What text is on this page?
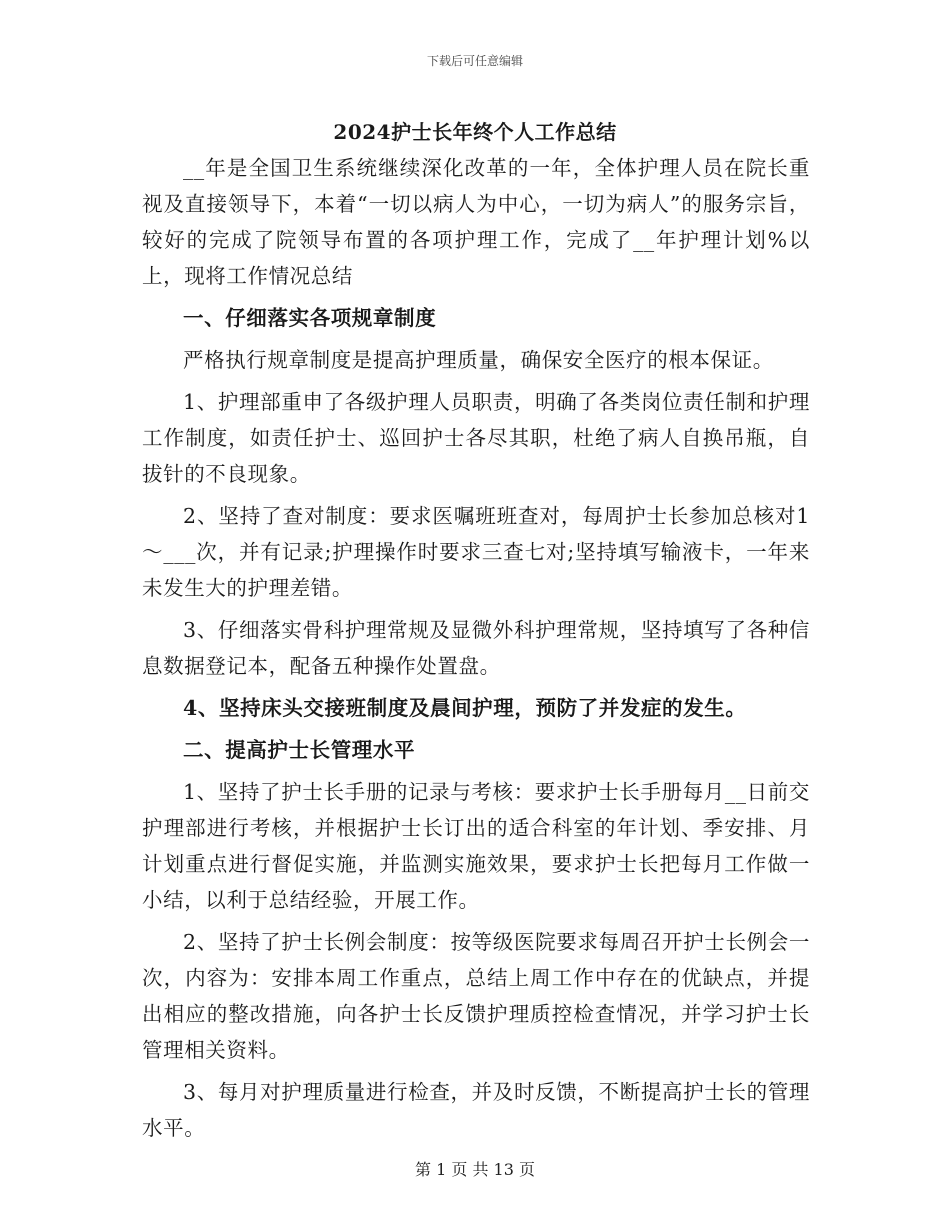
下载后可任意编辑
2024护士长年终个人工作总结

__年是全国卫生系统继续深化改革的一年，全体护理人员在院长重视及直接领导下，本着“一切以病人为中心，一切为病人”的服务宗旨，较好的完成了院领导布置的各项护理工作，完成了__年护理计划%以上，现将工作情况总结

一、仔细落实各项规章制度

严格执行规章制度是提高护理质量，确保安全医疗的根本保证。

1、护理部重申了各级护理人员职责，明确了各类岗位责任制和护理工作制度，如责任护士、巡回护士各尽其职，杜绝了病人自换吊瓶，自拔针的不良现象。

2、坚持了查对制度：要求医嘱班班查对，每周护士长参加总核对1～___次，并有记录;护理操作时要求三查七对;坚持填写输液卡，一年来未发生大的护理差错。

3、仔细落实骨科护理常规及显微外科护理常规，坚持填写了各种信息数据登记本，配备五种操作处置盘。

4、坚持床头交接班制度及晨间护理，预防了并发症的发生。

二、提高护士长管理水平

1、坚持了护士长手册的记录与考核：要求护士长手册每月__日前交护理部进行考核，并根据护士长订出的适合科室的年计划、季安排、月计划重点进行督促实施，并监测实施效果，要求护士长把每月工作做一小结，以利于总结经验，开展工作。

2、坚持了护士长例会制度：按等级医院要求每周召开护士长例会一次，内容为：安排本周工作重点，总结上周工作中存在的优缺点，并提出相应的整改措施，向各护士长反馈护理质控检查情况，并学习护士长管理相关资料。

3、每月对护理质量进行检查，并及时反馈，不断提高护士长的管理水平。

第 1 页 共 13 页
